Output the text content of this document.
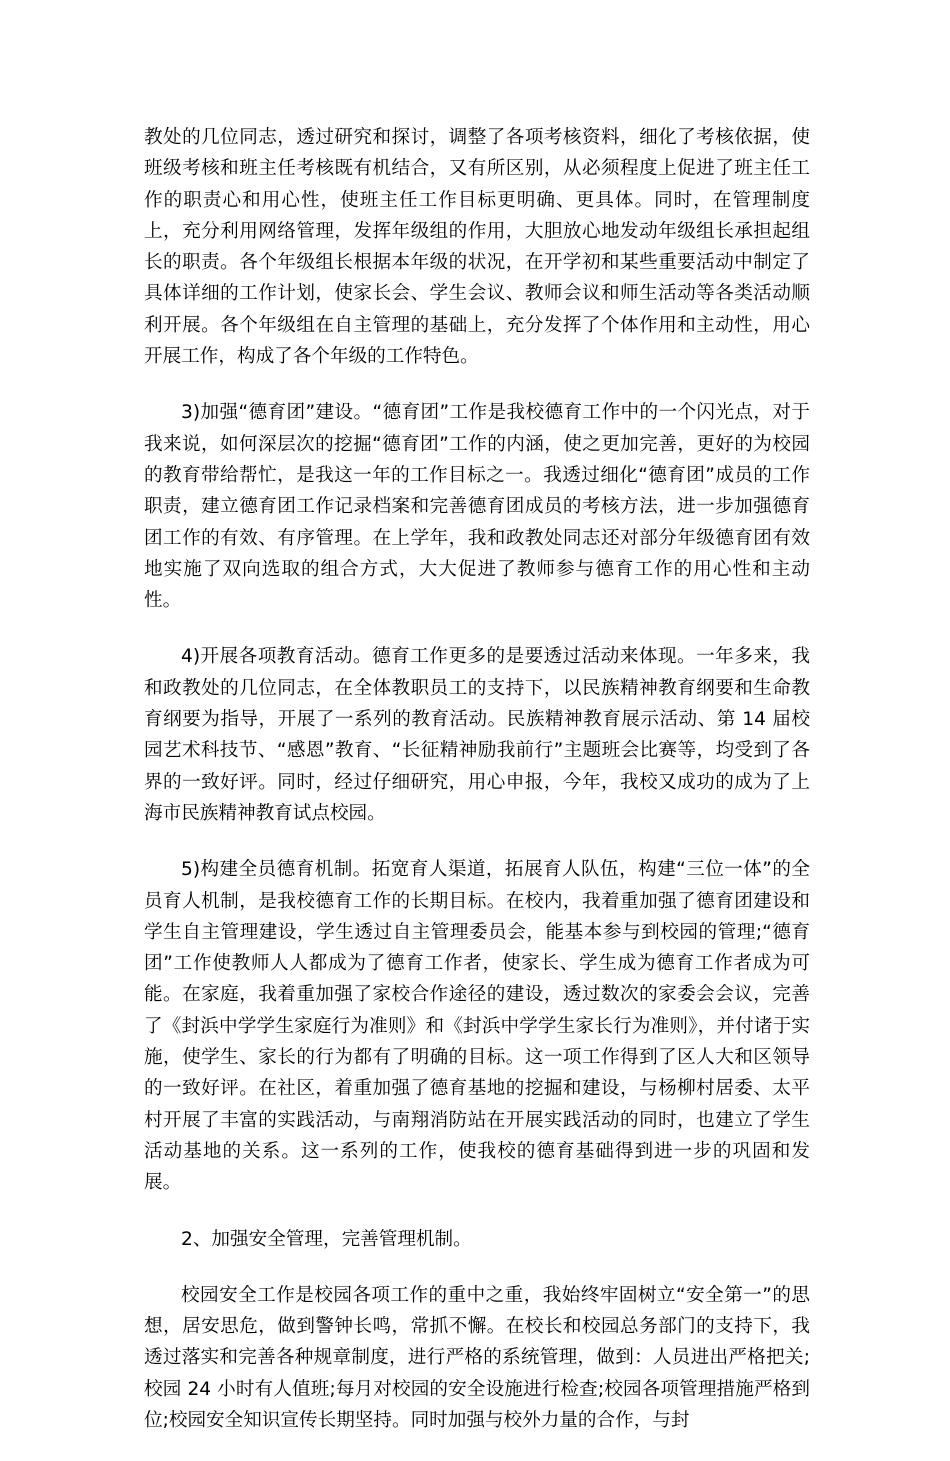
教处的几位同志，透过研究和探讨，调整了各项考核资料，细化了考核依据，使班级考核和班主任考核既有机结合，又有所区别，从必须程度上促进了班主任工作的职责心和用心性，使班主任工作目标更明确、更具体。同时，在管理制度上，充分利用网络管理，发挥年级组的作用，大胆放心地发动年级组长承担起组长的职责。各个年级组长根据本年级的状况，在开学初和某些重要活动中制定了具体详细的工作计划，使家长会、学生会议、教师会议和师生活动等各类活动顺利开展。各个年级组在自主管理的基础上，充分发挥了个体作用和主动性，用心开展工作，构成了各个年级的工作特色。

3)加强“德育团”建设。“德育团”工作是我校德育工作中的一个闪光点，对于我来说，如何深层次的挖掘“德育团”工作的内涵，使之更加完善，更好的为校园的教育带给帮忙，是我这一年的工作目标之一。我透过细化“德育团”成员的工作职责，建立德育团工作记录档案和完善德育团成员的考核方法，进一步加强德育团工作的有效、有序管理。在上学年，我和政教处同志还对部分年级德育团有效地实施了双向选取的组合方式，大大促进了教师参与德育工作的用心性和主动性。

4)开展各项教育活动。德育工作更多的是要透过活动来体现。一年多来，我和政教处的几位同志，在全体教职员工的支持下，以民族精神教育纲要和生命教育纲要为指导，开展了一系列的教育活动。民族精神教育展示活动、第 14 届校园艺术科技节、“感恩”教育、“长征精神励我前行”主题班会比赛等，均受到了各界的一致好评。同时，经过仔细研究，用心申报，今年，我校又成功的成为了上海市民族精神教育试点校园。

5)构建全员德育机制。拓宽育人渠道，拓展育人队伍，构建“三位一体”的全员育人机制，是我校德育工作的长期目标。在校内，我着重加强了德育团建设和学生自主管理建设，学生透过自主管理委员会，能基本参与到校园的管理;“德育团”工作使教师人人都成为了德育工作者，使家长、学生成为德育工作者成为可能。在家庭，我着重加强了家校合作途径的建设，透过数次的家委会会议，完善了《封浜中学学生家庭行为准则》和《封浜中学学生家长行为准则》，并付诸于实施，使学生、家长的行为都有了明确的目标。这一项工作得到了区人大和区领导的一致好评。在社区，着重加强了德育基地的挖掘和建设，与杨柳村居委、太平村开展了丰富的实践活动，与南翔消防站在开展实践活动的同时，也建立了学生活动基地的关系。这一系列的工作，使我校的德育基础得到进一步的巩固和发展。

2、加强安全管理，完善管理机制。

校园安全工作是校园各项工作的重中之重，我始终牢固树立“安全第一”的思想，居安思危，做到警钟长鸣，常抓不懈。在校长和校园总务部门的支持下，我透过落实和完善各种规章制度，进行严格的系统管理，做到：人员进出严格把关;校园 24 小时有人值班;每月对校园的安全设施进行检查;校园各项管理措施严格到位;校园安全知识宣传长期坚持。同时加强与校外力量的合作，与封
